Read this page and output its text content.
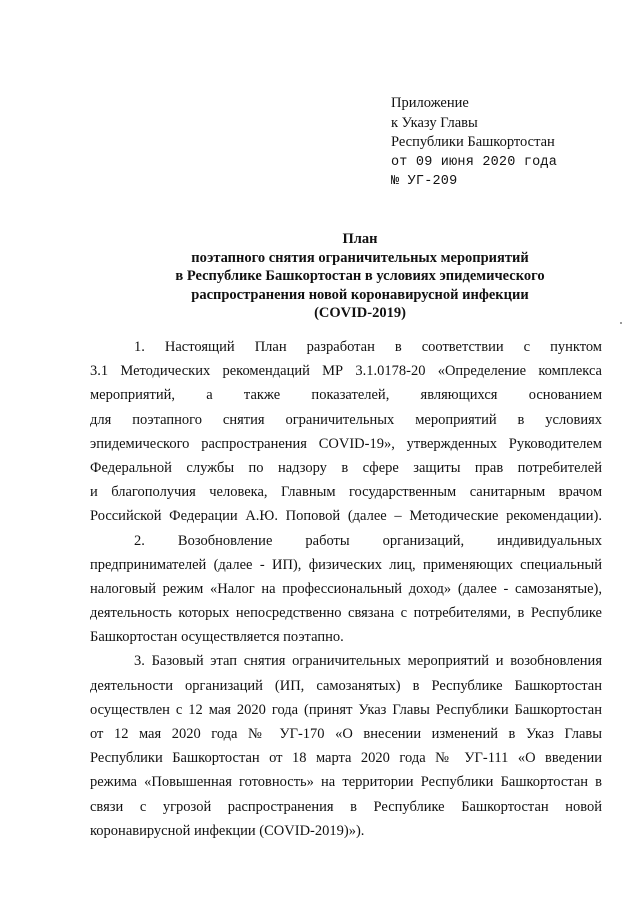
Приложение
к Указу Главы
Республики Башкортостан
от 09 июня 2020 года
№ УГ-209
План
поэтапного снятия ограничительных мероприятий
в Республике Башкортостан в условиях эпидемического
распространения новой коронавирусной инфекции
(COVID-2019)
1. Настоящий План разработан в соответствии с пунктом
3.1 Методических рекомендаций МР 3.1.0178-20 «Определение комплекса
мероприятий, а также показателей, являющихся основанием
для поэтапного снятия ограничительных мероприятий в условиях
эпидемического распространения COVID-19», утвержденных Руководителем
Федеральной службы по надзору в сфере защиты прав потребителей
и благополучия человека, Главным государственным санитарным врачом
Российской Федерации А.Ю. Поповой (далее – Методические рекомендации).
2. Возобновление работы организаций, индивидуальных
предпринимателей (далее - ИП), физических лиц, применяющих специальный
налоговый режим «Налог на профессиональный доход» (далее - самозанятые),
деятельность которых непосредственно связана с потребителями, в Республике
Башкортостан осуществляется поэтапно.
3. Базовый этап снятия ограничительных мероприятий и возобновления
деятельности организаций (ИП, самозанятых) в Республике Башкортостан
осуществлен с 12 мая 2020 года (принят Указ Главы Республики Башкортостан
от 12 мая 2020 года № УГ-170 «О внесении изменений в Указ Главы
Республики Башкортостан от 18 марта 2020 года № УГ-111 «О введении
режима «Повышенная готовность» на территории Республики Башкортостан в
связи с угрозой распространения в Республике Башкортостан новой
коронавирусной инфекции (COVID-2019)»).
